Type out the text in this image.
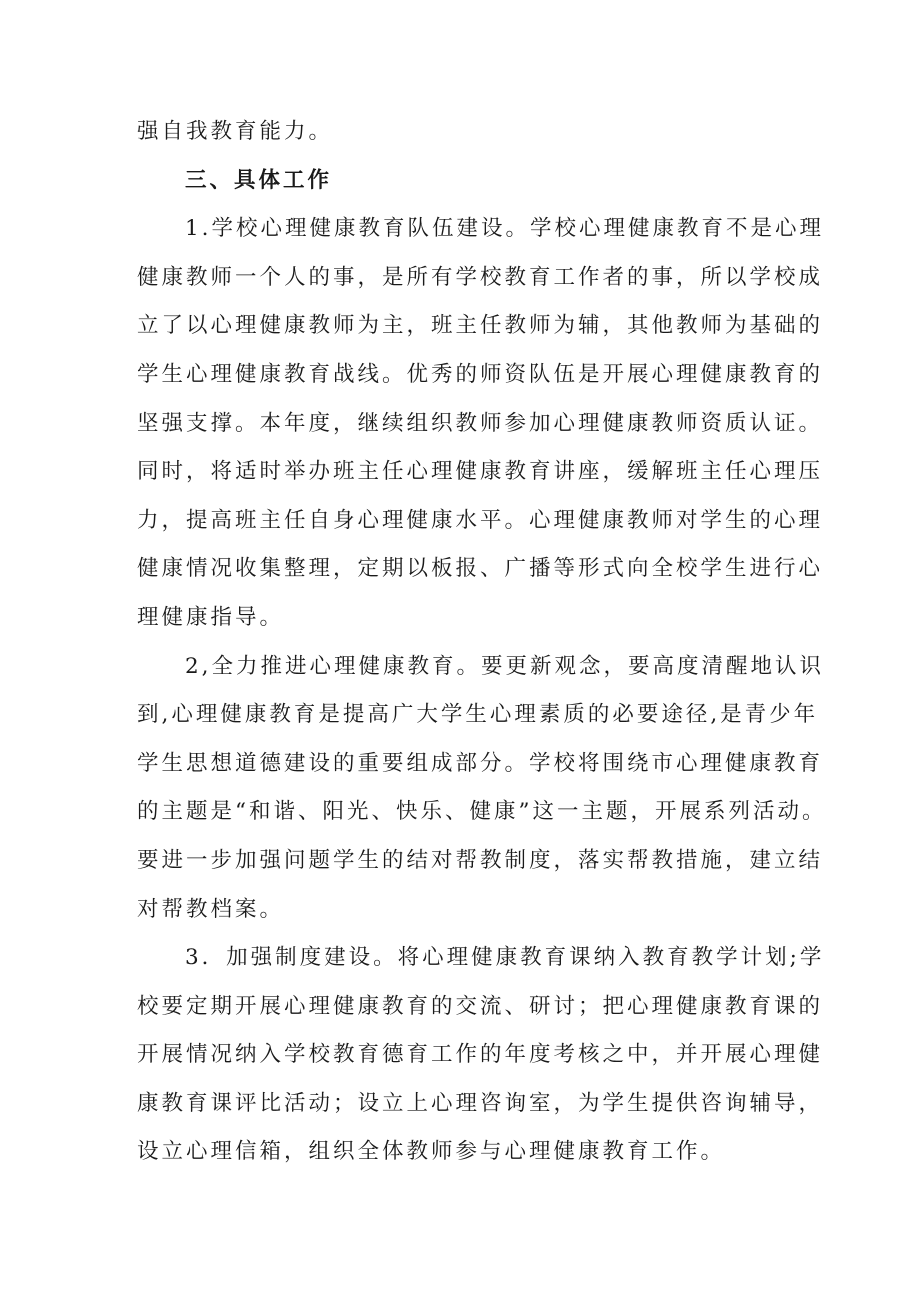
强自我教育能力。
三、具体工作
1.学校心理健康教育队伍建设。学校心理健康教育不是心理
健康教师一个人的事，是所有学校教育工作者的事，所以学校成
立了以心理健康教师为主，班主任教师为辅，其他教师为基础的
学生心理健康教育战线。优秀的师资队伍是开展心理健康教育的
坚强支撑。本年度，继续组织教师参加心理健康教师资质认证。
同时，将适时举办班主任心理健康教育讲座，缓解班主任心理压
力，提高班主任自身心理健康水平。心理健康教师对学生的心理
健康情况收集整理，定期以板报、广播等形式向全校学生进行心
理健康指导。
2,全力推进心理健康教育。要更新观念，要高度清醒地认识
到,心理健康教育是提高广大学生心理素质的必要途径,是青少年
学生思想道德建设的重要组成部分。学校将围绕市心理健康教育
的主题是“和谐、阳光、快乐、健康”这一主题，开展系列活动。
要进一步加强问题学生的结对帮教制度，落实帮教措施，建立结
对帮教档案。
3．加强制度建设。将心理健康教育课纳入教育教学计划;学
校要定期开展心理健康教育的交流、研讨；把心理健康教育课的
开展情况纳入学校教育德育工作的年度考核之中，并开展心理健
康教育课评比活动；设立上心理咨询室，为学生提供咨询辅导，
设立心理信箱，组织全体教师参与心理健康教育工作。
